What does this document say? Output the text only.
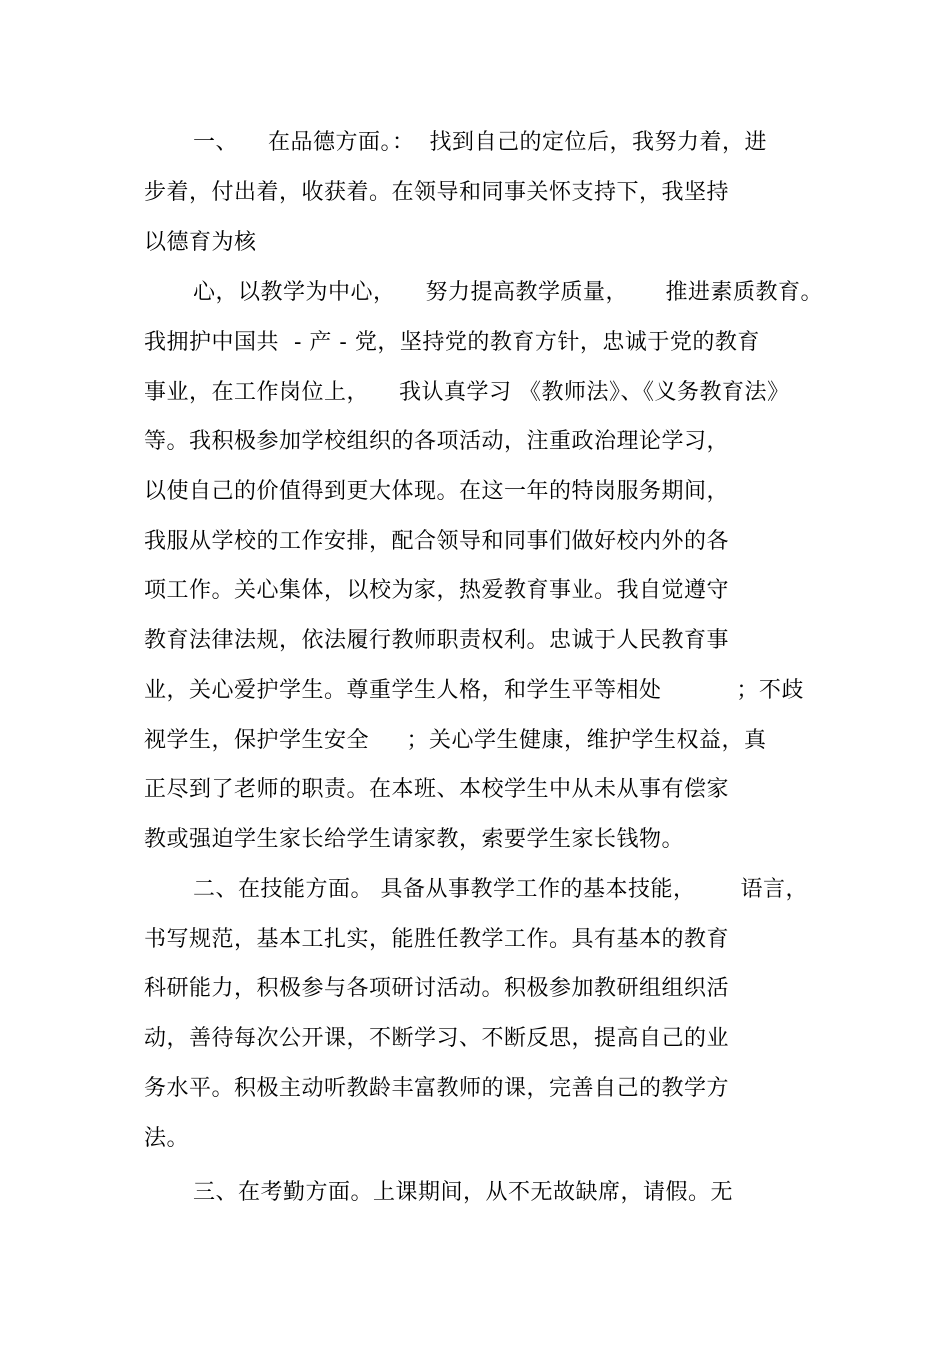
一、    在品德方面。：  找到自己的定位后，我努力着，进
步着，付出着，收获着。在领导和同事关怀支持下，我坚持
以德育为核
心，以教学为中心，    努力提高教学质量，     推进素质教育。
我拥护中国共  - 产 - 党，坚持党的教育方针，忠诚于党的教育
事业，在工作岗位上，    我认真学习 《教师法》、《义务教育法》
等。我积极参加学校组织的各项活动，注重政治理论学习，
以使自己的价值得到更大体现。在这一年的特岗服务期间，
我服从学校的工作安排，配合领导和同事们做好校内外的各
项工作。关心集体，以校为家，热爱教育事业。我自觉遵守
教育法律法规，依法履行教师职责权利。忠诚于人民教育事
业，关心爱护学生。尊重学生人格，和学生平等相处          ；不歧
视学生，保护学生安全     ；关心学生健康，维护学生权益，真
正尽到了老师的职责。在本班、本校学生中从未从事有偿家
教或强迫学生家长给学生请家教，索要学生家长钱物。
二、在技能方面。 具备从事教学工作的基本技能，      语言，
书写规范，基本工扎实，能胜任教学工作。具有基本的教育
科研能力，积极参与各项研讨活动。积极参加教研组组织活
动，善待每次公开课，不断学习、不断反思，提高自己的业
务水平。积极主动听教龄丰富教师的课，完善自己的教学方
法。
三、在考勤方面。上课期间，从不无故缺席，请假。无
